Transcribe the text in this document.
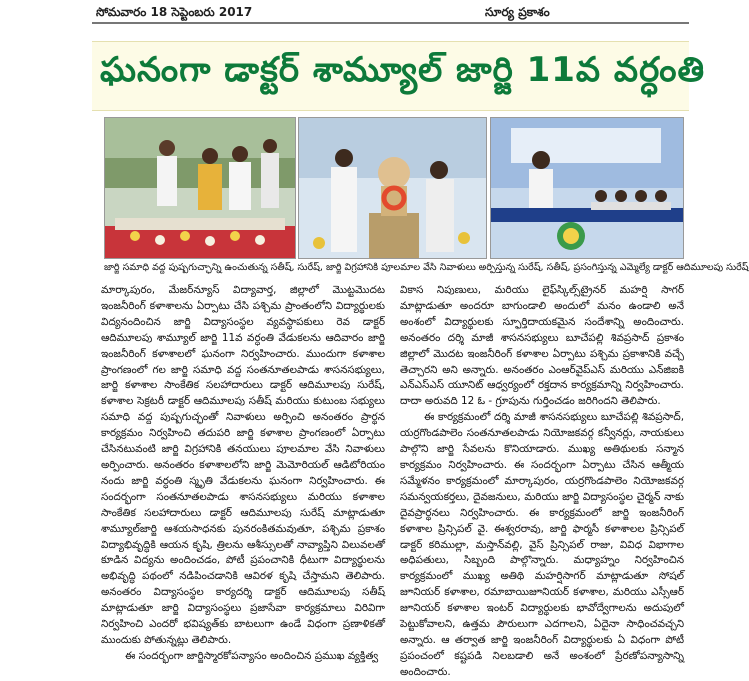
సోమవారం 18 సెప్టెంబరు 2017	సూర్య ప్రకాశం
ఘనంగా డాక్టర్ శామ్యూల్ జార్జి 11వ వర్ధంతి
జార్జి సమాధి వద్ద పుష్పగుచ్ఛాన్ని ఉంచుతున్న సతీష్, సురేష్, జార్జి విగ్రహానికి పూలమాల వేసి నివాళులు అర్పిస్తున్న సురేష్, సతీష్, ప్రసంగిస్తున్న ఎమ్మెల్యే డాక్టర్ ఆదిమూలపు సురేష్

మార్కాపురం, మేజర్‌న్యూస్ విద్యావార్త, జిల్లాలో మొట్టమొదట ఇంజనీరింగ్ కళాశాలను ఏర్పాటు చేసి పశ్చిమ ప్రాంతంలోని విద్యార్థులకు విద్యనందించిన జార్జి విద్యాసంస్థల వ్యవస్థాపకులు రెవ డాక్టర్ ఆదిమూలపు శామ్యూల్ జార్జి 11వ వర్ధంతి వేడుకలను ఆదివారం జార్జి ఇంజనీరింగ్ కళాశాలలో ఘనంగా నిర్వహించారు. ముందుగా కళాశాల ప్రాంగణంలో గల జార్జి సమాధి వద్ద సంతనూతలపాడు శాసనసభ్యులు, జార్జి కళాశాల సాంకేతిక సలహాదారులు డాక్టర్ ఆదిమూలపు సురేష్, కళాశాల సెక్రటరీ డాక్టర్ ఆదిమూలపు సతీష్ మరియు కుటుంబ సభ్యులు సమాధి వద్ద పుష్పగుచ్ఛంతో నివాళులు అర్పించి అనంతరం ప్రార్థన కార్యక్రమం నిర్వహించి తదుపరి జార్జి కళాశాల ప్రాంగణంలో ఏర్పాటు చేసినటువంటి జార్జి విగ్రహానికి తనయులు పూలమాల వేసి నివాళులు అర్పించారు. అనంతరం కళాశాలలోని జార్జి మెమోరియల్ ఆడిటోరియం నందు జార్జి వర్ధంతి స్మృతి వేడుకలను ఘనంగా నిర్వహించారు. ఈ సందర్భంగా సంతనూతలపాడు శాసనసభ్యులు మరియు కళాశాల సాంకేతిక సలహాదారులు డాక్టర్ ఆదిమూలపు సురేష్ మాట్లాడుతూ శామ్యూల్‌జార్జి ఆశయసాధనకు పునరంకితమవుతూ, పశ్చిమ ప్రకాశం విద్యాభివృద్ధికి ఆయన కృషి, త్రిలను ఆశీస్సులతో నావ్యాప్తిని విలువలతో కూడిన విద్యను అందించడం, పోటీ ప్రపంచానికి ధీటుగా విద్యార్థులను అభివృద్ధి పథంలో నడిపించడానికి ఆవిరళ కృషి చేస్తామని తెలిపారు. అనంతరం విద్యాసంస్థల కార్యదర్శి డాక్టర్ ఆదిమూలపు సతీష్ మాట్లాడుతూ జార్జి విద్యాసంస్థలు ప్రజాసేవా కార్యక్రమాలు విరివిగా నిర్వహించి ఎందరో భవిష్యత్‌కు బాటలుగా ఉండే విధంగా ప్రణాళికతో ముందుకు పోతున్నట్లు తెలిపారు.

ఈ సందర్భంగా జార్జిస్మారకోపన్యాసం అందించిన ప్రముఖ వ్యక్తిత్వ

వికాస నిపుణులు, మరియు లైఫ్‌స్కిల్స్‌ట్రైనర్ మహర్షి సాగర్ మాట్లాడుతూ అందరూ బాగుండాలి అందులో మనం ఉండాలి అనే అంశంలో విద్యార్థులకు స్ఫూర్తిదాయకమైన సందేశాన్ని అందించారు. అనంతరం దర్శి మాజీ శాసనసభ్యులు బూచేపల్లి శివప్రసాద్ ప్రకాశం జిల్లాలో మొదట ఇంజనీరింగ్ కళాశాల ఏర్పాటు పశ్చిమ ప్రకాశానికి వచ్చే తెచ్చారని అని అన్నారు. అనంతరం ఎంఆర్‌వైప్‌ఎస్ మరియు ఎన్‌జిఐకి ఎన్‌ఎస్‌ఎస్ యూనిట్ ఆధ్వర్యంలో రక్తదాన కార్యక్రమాన్ని నిర్వహించారు. దాదా అరువది 12 ఓ - గ్రూపును గుర్తించడం జరిగిందని తెలిపారు.

ఈ కార్యక్రమంలో దర్శి మాజీ శాసనసభ్యులు బూచేపల్లి శివప్రసాద్, యర్రగొండపాలెం సంతనూతలపాడు నియోజకవర్గ కన్వీనర్లు, నాయకులు పాల్గొని జార్జి సేవలను కొనియాడారు. ముఖ్య అతిథులకు సన్మాన కార్యక్రమం నిర్వహించారు. ఈ సందర్భంగా ఏర్పాటు చేసిన ఆత్మీయ సమ్మేళనం కార్యక్రమంలో మార్కాపురం, యర్రగొండపాలెం నియోజకవర్గ సమన్వయకర్తలు, దైవజనులు, మరియు జార్జి విద్యాసంస్థల చైర్మన్ నాకు దైవప్రార్థనలు నిర్వహించారు. ఈ కార్యక్రమంలో జార్జి ఇంజనీరింగ్ కళాశాల ప్రిన్సిపల్ వై. ఈశ్వరరావు, జార్జి ఫార్మసీ కళాశాలల ప్రిన్సిపల్ డాక్టర్ కరిముల్లా, మస్తాన్‌వల్లి, వైస్ ప్రిన్సిపల్ రాజు, వివిధ విభాగాల అధిపతులు, సిబ్బంది పాల్గొన్నారు. మధ్యాహ్నం నిర్వహించిన కార్యక్రమంలో ముఖ్య అతిథి మహర్షిసాగర్ మాట్లాడుతూ సోషల్ జూనియర్ కళాశాల, రమాబాయిజూనియర్ కళాశాల, మరియు ఎస్సీఆర్ జూనియర్ కళాశాల ఇంటర్ విద్యార్థులకు భావోద్వేగాలను అదుపులో పెట్టుకోవాలని, ఉత్తమ పౌరులుగా ఎదగాలని, ఏదైనా సాధించవచ్చని అన్నారు. ఆ తర్వాత జార్జి ఇంజనీరింగ్ విద్యార్థులకు ఏ విధంగా పోటీ ప్రపంచంలో కష్టపడి నిలబడాలి అనే అంశంలో ప్రేరణోపన్యాసాన్ని అందించారు.
